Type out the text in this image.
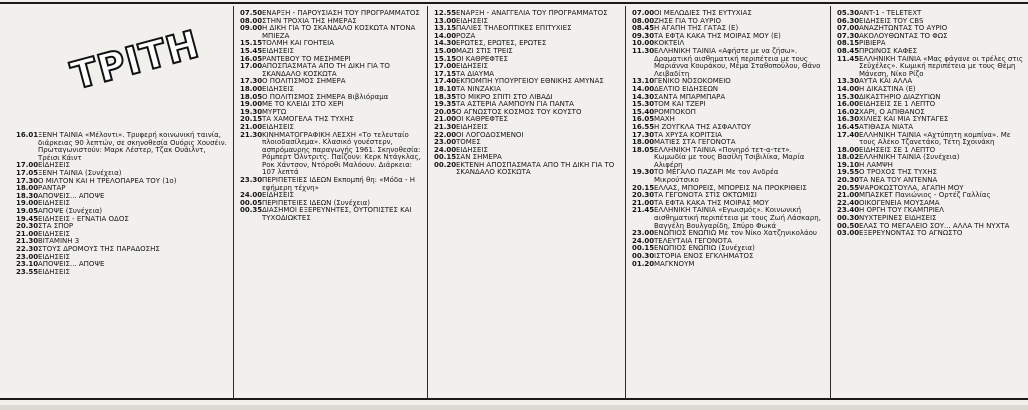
ΤΡΙΤΗ
16.01 ΞΕΝΗ ΤΑΙΝΙΑ «Μέλοντι». Τρυφερή κοινωνική ταινία, διάρκειας 90 λεπτών, σε σκηνοθεσία Ουόρις Χουσέιν. Πρωταγωνιστούν: Μαρκ Λέστερ, Τζακ Ουάιλντ, Τρέισι Κάιντ
17.00 ΕΙΔΗΣΕΙΣ
17.05 ΞΕΝΗ ΤΑΙΝΙΑ (Συνέχεια)
17.30 Ο ΜΙΛΤΟΝ ΚΑΙ Η ΤΡΕΛΟΠΑΡΕΑ ΤΟΥ (1ο)
18.00 ΡΑΝΤΑΡ
18.30 ΑΠΟΨΕΙΣ... ΑΠΟΨΕ
19.00 ΕΙΔΗΣΕΙΣ
19.05 ΑΠΟΨΕ (Συνέχεια)
19.45 ΕΙΔΗΣΕΙΣ - ΕΓΝΑΤΙΑ ΟΔΟΣ
20.30 ΣΤΑ ΣΠΟΡ
21.00 ΕΙΔΗΣΕΙΣ
21.30 ΒΙΤΑΜΙΝΗ 3
22.30 ΣΤΟΥΣ ΔΡΟΜΟΥΣ ΤΗΣ ΠΑΡΑΔΟΣΗΣ
23.00 ΕΙΔΗΣΕΙΣ
23.10 ΑΠΟΨΕΙΣ... ΑΠΟΨΕ
23.55 ΕΙΔΗΣΕΙΣ
07.50 ΕΝΑΡΞΗ - ΠΑΡΟΥΣΙΑΣΗ ΤΟΥ ΠΡΟΓΡΑΜΜΑΤΟΣ
08.00 ΣΤΗΝ ΤΡΟΧΙΑ ΤΗΣ ΗΜΕΡΑΣ
09.00 Η ΔΙΚΗ ΓΙΑ ΤΟ ΣΚΑΝΔΑΛΟ ΚΟΣΚΩΤΑ ΝΤΟΝΑ ΜΠΙΕΖΑ
15.15 ΤΟΛΜΗ ΚΑΙ ΓΟΗΤΕΙΑ
15.45 ΕΙΔΗΣΕΙΣ
16.05 ΡΑΝΤΕΒΟΥ ΤΟ ΜΕΣΗΜΕΡΙ
17.00 ΑΠΟΣΠΑΣΜΑΤΑ ΑΠΟ ΤΗ ΔΙΚΗ ΓΙΑ ΤΟ ΣΚΑΝΔΑΛΟ ΚΟΣΚΩΤΑ
17.30 Ο ΠΟΛΙΤΙΣΜΟΣ ΣΗΜΕΡΑ
18.00 ΕΙΔΗΣΕΙΣ
18.05 Ο ΠΟΛΙΤΙΣΜΟΣ ΣΗΜΕΡΑ Βιβλιόραμα
19.00 ΜΕ ΤΟ ΚΛΕΙΔΙ ΣΤΟ ΧΕΡΙ
19.30 ΜΥΡΤΩ
20.15 ΤΑ ΧΑΜΟΓΕΛΑ ΤΗΣ ΤΥΧΗΣ
21.00 ΕΙΔΗΣΕΙΣ
21.30 ΚΙΝΗΜΑΤΟΓΡΑΦΙΚΗ ΛΕΣΧΗ «Το τελευταίο πλοιοδασίλεμα». Κλασικό γουέστερν, ασπρόμαυρης παραγωγής 1961. Σκηνοθεσία: Ρόμπερτ Όλντριτς. Παίζουν: Κερκ Ντάγκλας, Ροκ Χάντσον, Ντόροθι Μαλόουν. Διάρκεια: 107 λεπτά
23.30 ΠΕΡΙΠΕΤΕΙΕΣ ΙΔΕΩΝ Εκπομπή θη: «Μόδα - Η εφήμερη τέχνη»
24.00 ΕΙΔΗΣΕΙΣ
00.05 ΠΕΡΙΠΕΤΕΙΕΣ ΙΔΕΩΝ (Συνέχεια)
00.35 ΔΙΑΣΗΜΟΙ ΕΞΕΡΕΥΝΗΤΕΣ, ΟΥΤΟΠΙΣΤΕΣ ΚΑΙ ΤΥΧΟΔΙΩΚΤΕΣ
12.55 ΕΝΑΡΞΗ - ΑΝΑΓΓΕΛΙΑ ΤΟΥ ΠΡΟΓΡΑΜΜΑΤΟΣ
13.00 ΕΙΔΗΣΕΙΣ
13.15 ΠΑΛΙΕΣ ΤΗΛΕΟΠΤΙΚΕΣ ΕΠΙΤΥΧΙΕΣ
14.00 ΡΟΖΑ
14.30 ΕΡΩΤΕΣ, ΕΡΩΤΕΣ, ΕΡΩΤΕΣ
15.00 ΜΑΖΙ ΣΤΙΣ ΤΡΕΙΣ
15.15 ΟΙ ΚΑΘΡΕΦΤΕΣ
17.00 ΕΙΔΗΣΕΙΣ
17.15 ΤΑ ΔΙΑΥΜΑ
17.40 ΕΚΠΟΜΠΗ ΥΠΟΥΡΓΕΙΟΥ ΕΘΝΙΚΗΣ ΑΜΥΝΑΣ
18.10 ΤΑ ΝΙΝΖΑΚΙΑ
18.35 ΤΟ ΜΙΚΡΟ ΣΠΙΤΙ ΣΤΟ ΛΙΒΑΔΙ
19.35 ΤΑ ΑΣΤΕΡΙΑ ΛΑΜΠΟΥΝ ΓΙΑ ΠΑΝΤΑ
20.05 Ο ΑΓΝΩΣΤΟΣ ΚΟΣΜΟΣ ΤΟΥ ΚΟΥΣΤΟ
21.00 ΟΙ ΚΑΘΡΕΦΤΕΣ
21.30 ΕΙΔΗΣΕΙΣ
22.00 ΟΙ ΛΟΓΟΔΟΣΜΕΝΟΙ
23.00 ΤΟΜΕΣ
24.00 ΕΙΔΗΣΕΙΣ
00.15 ΣΑΝ ΣΗΜΕΡΑ
00.20 ΕΚΤΕΝΗ ΑΠΟΣΠΑΣΜΑΤΑ ΑΠΟ ΤΗ ΔΙΚΗ ΓΙΑ ΤΟ ΣΚΑΝΔΑΛΟ ΚΟΣΚΩΤΑ
07.00 ΟΙ ΜΕΛΩΔΙΕΣ ΤΗΣ ΕΥΤΥΧΙΑΣ
08.00 ΖΗΣΕ ΓΙΑ ΤΟ ΑΥΡΙΟ
08.45 Η ΑΓΑΠΗ ΤΗΣ ΓΑΤΑΣ (Ε)
09.30 ΤΑ ΕΦΤΑ ΚΑΚΑ ΤΗΣ ΜΟΙΡΑΣ ΜΟΥ (Ε)
10.00 ΚΟΚΤΕΪΛ
11.30 ΕΛΛΗΝΙΚΗ ΤΑΙΝΙΑ «Αφήστε με να ζήσω». Δραματική αισθηματική περιπέτεια με τους Μαριάννα Κουράκου, Μέμα Σταθοπούλου, Θάνο Λειβαδίτη
13.10 ΓΕΝΙΚΟ ΝΟΣΟΚΟΜΕΙΟ
14.00 ΔΕΛΤΙΟ ΕΙΔΗΣΕΩΝ
14.30 ΣΑΝΤΑ ΜΠΑΡΜΠΑΡΑ
15.30 ΤΟΜ ΚΑΙ ΤΖΕΡΙ
15.40 ΡΟΜΠΟΚΟΠ
16.05 ΜΑΧΗ
16.55 Η ΖΟΥΓΚΛΑ ΤΗΣ ΑΣΦΑΛΤΟΥ
17.30 ΤΑ ΧΡΥΣΑ ΚΟΡΙΤΣΙΑ
18.00 ΜΑΤΙΕΣ ΣΤΑ ΓΕΓΟΝΟΤΑ
18.05 ΕΛΛΗΝΙΚΗ ΤΑΙΝΙΑ «Πονηρό τετ-α-τετ». Κωμωδία με τους Βασίλη Τσιβιλίκα, Μαρία Αλιφέρη
19.30 ΤΟ ΜΕΓΑΛΟ ΠΑΖΑΡΙ Με τον Ανδρέα Μικρούτσικο
20.15 ΕΛΛΑΣ, ΜΠΟΡΕΙΣ, ΜΠΟΡΕΙΣ ΝΑ ΠΡΟΚΡΙΘΕΙΣ
20.30 ΤΑ ΓΕΓΟΝΟΤΑ ΣΤΙΣ ΟΚΤΩΜΙΣΙ
21.00 ΤΑ ΕΦΤΑ ΚΑΚΑ ΤΗΣ ΜΟΙΡΑΣ ΜΟΥ
21.45 ΕΛΛΗΝΙΚΗ ΤΑΙΝΙΑ «Εγωισμός». Κοινωνική αισθηματική περιπέτεια με τους Ζωή Λάσκαρη, Βαγγέλη Βουλγαρίδη, Σπύρο Φωκά
23.00 ΕΝΩΠΙΟΣ ΕΝΩΠΙΩ Με τον Νίκο Χατζηνικολάου
24.00 ΤΕΛΕΥΤΑΙΑ ΓΕΓΟΝΟΤΑ
00.15 ΕΝΩΠΙΟΣ ΕΝΩΠΙΩ (Συνέχεια)
00.30 ΙΣΤΟΡΙΑ ΕΝΟΣ ΕΓΚΛΗΜΑΤΟΣ
01.20 ΜΑΓΚΝΟΥΜ
05.30 ANT-1 - TELETEXT
06.30 ΕΙΔΗΣΕΙΣ ΤΟΥ CBS
07.00 ΑΝΑΖΗΤΩΝΤΑΣ ΤΟ ΑΥΡΙΟ
07.30 ΑΚΟΛΟΥΘΩΝΤΑΣ ΤΟ ΦΩΣ
08.15 ΡΙΒΙΕΡΑ
08.45 ΠΡΩΙΝΟΣ ΚΑΦΕΣ
11.45 ΕΛΛΗΝΙΚΗ ΤΑΙΝΙΑ «Μας φάγανε οι τρέλες στις Σεϋχέλες». Κωμική περιπέτεια με τους Θέμη Μάνεση, Νίκο Ρίζο
13.30 ΑΥΤΑ ΚΑΙ ΑΛΛΑ
14.00 Η ΔΙΚΑΣΤΙΝΑ (Ε)
15.30 ΔΙΚΑΣΤΗΡΙΟ ΔΙΑΖΥΓΙΩΝ
16.00 ΕΙΔΗΣΕΙΣ ΣΕ 1 ΛΕΠΤΟ
16.02 ΧΑΡΙ, Ο ΑΠΙΘΑΝΟΣ
16.30 ΧΙΛΙΕΣ ΚΑΙ ΜΙΑ ΣΥΝΤΑΓΕΣ
16.45 ΑΤΙΘΑΣΑ ΝΙΑΤΑ
17.40 ΕΛΛΗΝΙΚΗ ΤΑΙΝΙΑ «Αχτύπητη κομπίνα». Με τους Αλέκο Τζανετάκο, Τέτη Σχοινάκη
18.00 ΕΙΔΗΣΕΙΣ ΣΕ 1 ΛΕΠΤΟ
18.02 ΕΛΛΗΝΙΚΗ ΤΑΙΝΙΑ (Συνέχεια)
19.10 Η ΛΑΜΨΗ
19.55 Ο ΤΡΟΧΟΣ ΤΗΣ ΤΥΧΗΣ
20.30 ΤΑ ΝΕΑ ΤΟΥ ANTENNA
20.55 ΨΑΡΟΚΩΣΤΟΥΛΑ, ΑΓΑΠΗ ΜΟΥ
21.00 ΜΠΑΣΚΕΤ Πανιώνιος - Ορτέζ Γαλλίας
22.40 ΟΙΚΟΓΕΝΕΙΑ ΜΟΥΣΑΜΑ
23.40 Η ΟΡΓΗ ΤΟΥ ΓΚΑΜΠΡΙΕΛ
00.30 ΝΥΧΤΕΡΙΝΕΣ ΕΙΔΗΣΕΙΣ
00.50 ΕΛΑΣ ΤΟ ΜΕΓΑΛΕΙΟ ΣΟΥ... ΑΛΛΑ ΤΗ ΝΥΧΤΑ
03.00 ΕΞΕΡΕΥΝΟΝΤΑΣ ΤΟ ΑΓΝΩΣΤΟ
